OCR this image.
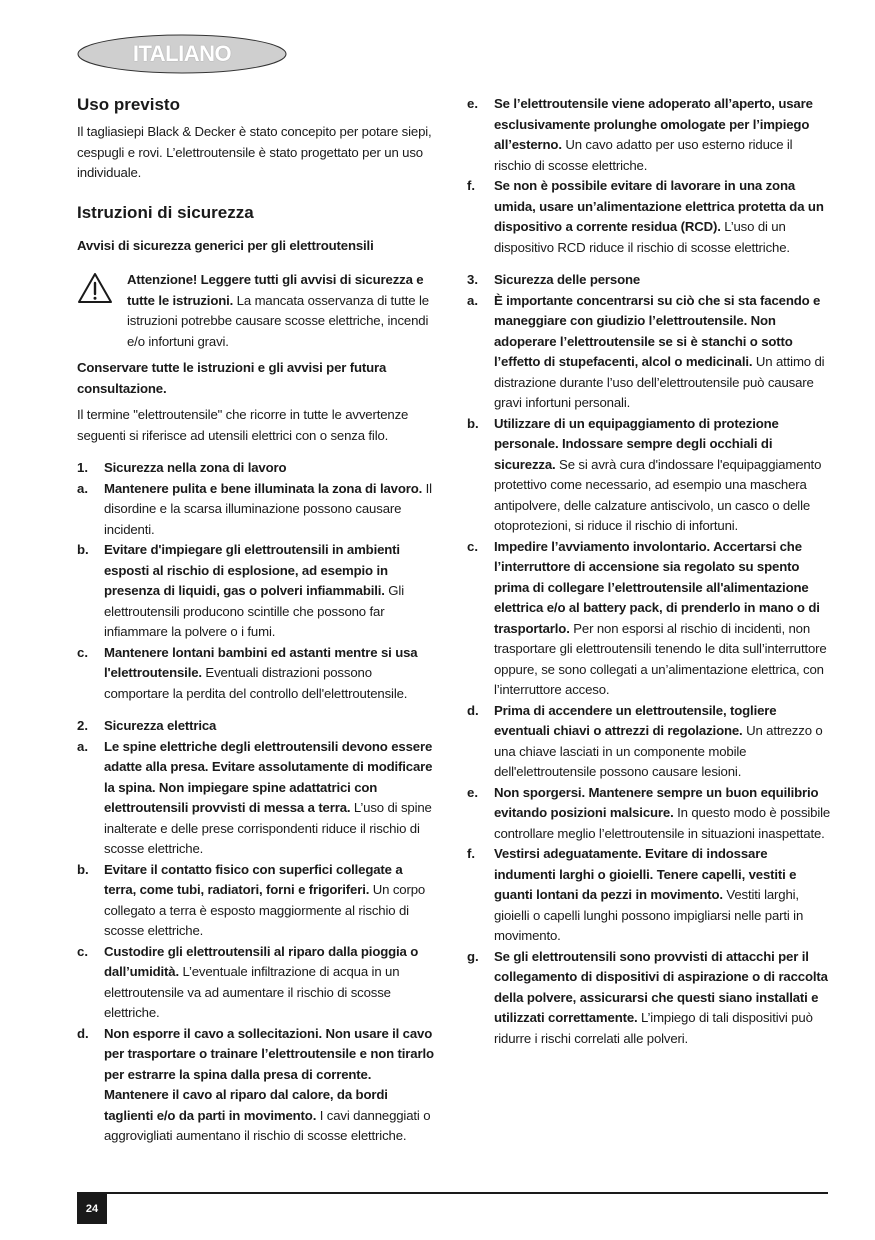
ITALIANO
Uso previsto

Il tagliasiepi Black & Decker è stato concepito per potare siepi, cespugli e rovi. L’elettroutensile è stato progettato per un uso individuale.

Istruzioni di sicurezza
Avvisi di sicurezza generici per gli elettroutensili

Attenzione! Leggere tutti gli avvisi di sicurezza e tutte le istruzioni. La mancata osservanza di tutte le istruzioni potrebbe causare scosse elettriche, incendi e/o infortuni gravi.

Conservare tutte le istruzioni e gli avvisi per futura consultazione.

Il termine "elettroutensile" che ricorre in tutte le avvertenze seguenti si riferisce ad utensili elettrici con o senza filo.

1.	Sicurezza nella zona di lavoro
a.	Mantenere pulita e bene illuminata la zona di lavoro. Il disordine e la scarsa illuminazione possono causare incidenti.
b.	Evitare d'impiegare gli elettroutensili in ambienti esposti al rischio di esplosione, ad esempio in presenza di liquidi, gas o polveri infiammabili. Gli elettroutensili producono scintille che possono far infiammare la polvere o i fumi.
c.	Mantenere lontani bambini ed astanti mentre si usa l'elettroutensile. Eventuali distrazioni possono comportare la perdita del controllo dell'elettroutensile.
2.	Sicurezza elettrica
a.	Le spine elettriche degli elettroutensili devono essere adatte alla presa. Evitare assolutamente di modificare la spina. Non impiegare spine adattatrici con elettroutensili provvisti di messa a terra. L’uso di spine inalterate e delle prese corrispondenti riduce il rischio di scosse elettriche.
b.	Evitare il contatto fisico con superfici collegate a terra, come tubi, radiatori, forni e frigoriferi. Un corpo collegato a terra è esposto maggiormente al rischio di scosse elettriche.
c.	Custodire gli elettroutensili al riparo dalla pioggia o dall’umidità. L’eventuale infiltrazione di acqua in un elettroutensile va ad aumentare il rischio di scosse elettriche.
d.	Non esporre il cavo a sollecitazioni. Non usare il cavo per trasportare o trainare l’elettroutensile e non tirarlo per estrarre la spina dalla presa di corrente. Mantenere il cavo al riparo dal calore, da bordi taglienti e/o da parti in movimento. I cavi danneggiati o aggrovigliati aumentano il rischio di scosse elettriche.
e.	Se l’elettroutensile viene adoperato all’aperto, usare esclusivamente prolunghe omologate per l’impiego all’esterno. Un cavo adatto per uso esterno riduce il rischio di scosse elettriche.
f.	Se non è possibile evitare di lavorare in una zona umida, usare un’alimentazione elettrica protetta da un dispositivo a corrente residua (RCD). L’uso di un dispositivo RCD riduce il rischio di scosse elettriche.
3.	Sicurezza delle persone
a.	È importante concentrarsi su ciò che si sta facendo e maneggiare con giudizio l’elettroutensile. Non adoperare l’elettroutensile se si è stanchi o sotto l’effetto di stupefacenti, alcol o medicinali. Un attimo di distrazione durante l’uso dell’elettroutensile può causare gravi infortuni personali.
b.	Utilizzare di un equipaggiamento di protezione personale. Indossare sempre degli occhiali di sicurezza. Se si avrà cura d'indossare l'equipaggiamento protettivo come necessario, ad esempio una maschera antipolvere, delle calzature antiscivolo, un casco o delle otoprotezioni, si riduce il rischio di infortuni.
c.	Impedire l’avviamento involontario. Accertarsi che l’interruttore di accensione sia regolato su spento prima di collegare l’elettroutensile all'alimentazione elettrica e/o al battery pack, di prenderlo in mano o di trasportarlo. Per non esporsi al rischio di incidenti, non trasportare gli elettroutensili tenendo le dita sull’interruttore oppure, se sono collegati a un’alimentazione elettrica, con l’interruttore acceso.
d.	Prima di accendere un elettroutensile, togliere eventuali chiavi o attrezzi di regolazione. Un attrezzo o una chiave lasciati in un componente mobile dell'elettroutensile possono causare lesioni.
e.	Non sporgersi. Mantenere sempre un buon equilibrio evitando posizioni malsicure. In questo modo è possibile controllare meglio l’elettroutensile in situazioni inaspettate.
f.	Vestirsi adeguatamente. Evitare di indossare indumenti larghi o gioielli. Tenere capelli, vestiti e guanti lontani da pezzi in movimento. Vestiti larghi, gioielli o capelli lunghi possono impigliarsi nelle parti in movimento.
g.	Se gli elettroutensili sono provvisti di attacchi per il collegamento di dispositivi di aspirazione o di raccolta della polvere, assicurarsi che questi siano installati e utilizzati correttamente. L’impiego di tali dispositivi può ridurre i rischi correlati alle polveri.
24
